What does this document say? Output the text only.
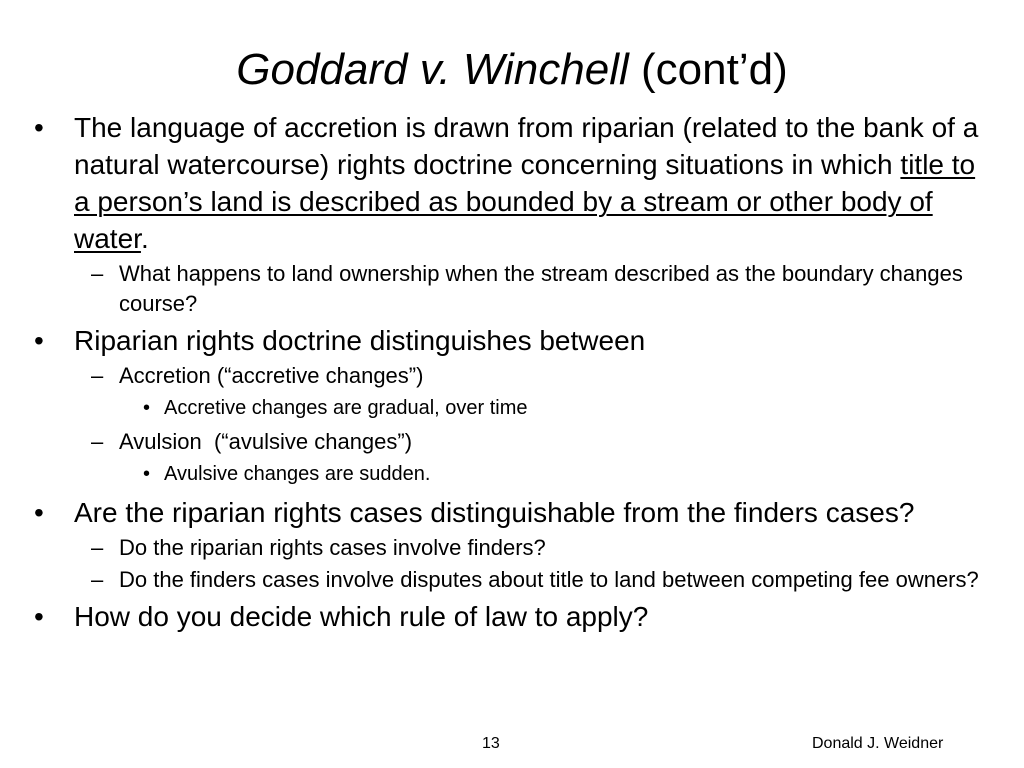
Goddard v. Winchell (cont’d)
• The language of accretion is drawn from riparian (related to the bank of a natural watercourse) rights doctrine concerning situations in which title to a person’s land is described as bounded by a stream or other body of water.
– What happens to land ownership when the stream described as the boundary changes course?
• Riparian rights doctrine distinguishes between
– Accretion (“accretive changes”)
• Accretive changes are gradual, over time
– Avulsion  (“avulsive changes”)
• Avulsive changes are sudden.
• Are the riparian rights cases distinguishable from the finders cases?
– Do the riparian rights cases involve finders?
– Do the finders cases involve disputes about title to land between competing fee owners?
• How do you decide which rule of law to apply?
13	Donald J. Weidner
